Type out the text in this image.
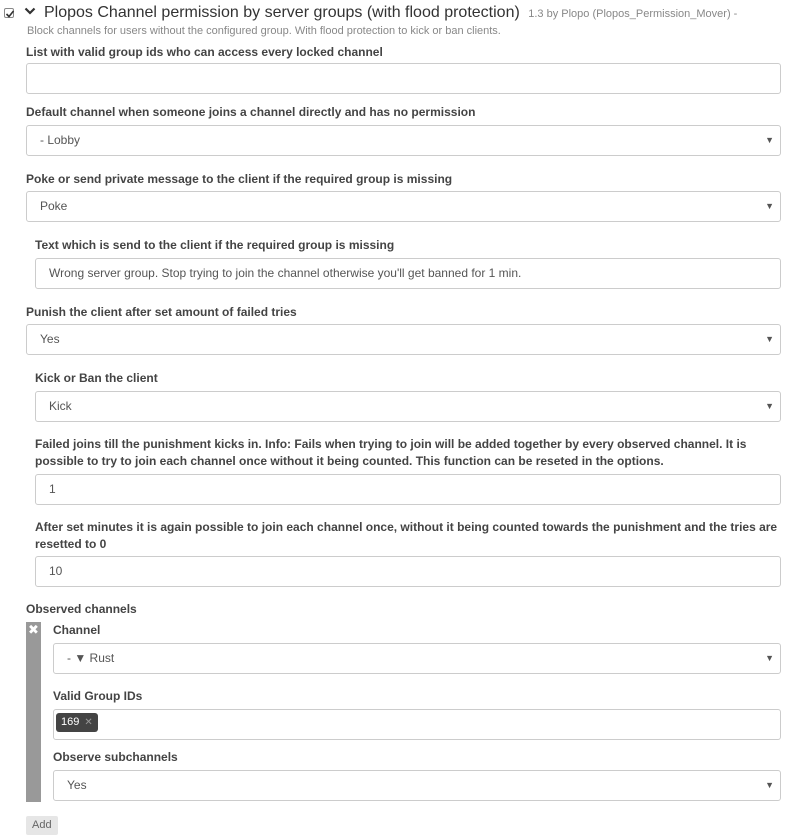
Plopos Channel permission by server groups (with flood protection) 1.3 by Plopo (Plopos_Permission_Mover) -
Block channels for users without the configured group. With flood protection to kick or ban clients.
List with valid group ids who can access every locked channel
Default channel when someone joins a channel directly and has no permission
- Lobby	▼
Poke or send private message to the client if the required group is missing
Poke	▼
Text which is send to the client if the required group is missing
Wrong server group. Stop trying to join the channel otherwise you'll get banned for 1 min.
Punish the client after set amount of failed tries
Yes	▼
Kick or Ban the client
Kick	▼
Failed joins till the punishment kicks in. Info: Fails when trying to join will be added together by every observed channel. It is possible to try to join each channel once without it being counted. This function can be reseted in the options.
1
After set minutes it is again possible to join each channel once, without it being counted towards the punishment and the tries are resetted to 0
10
Observed channels
✖ Channel
- ▼ Rust	▼
Valid Group IDs
169 ✕
Observe subchannels
Yes	▼
Add
